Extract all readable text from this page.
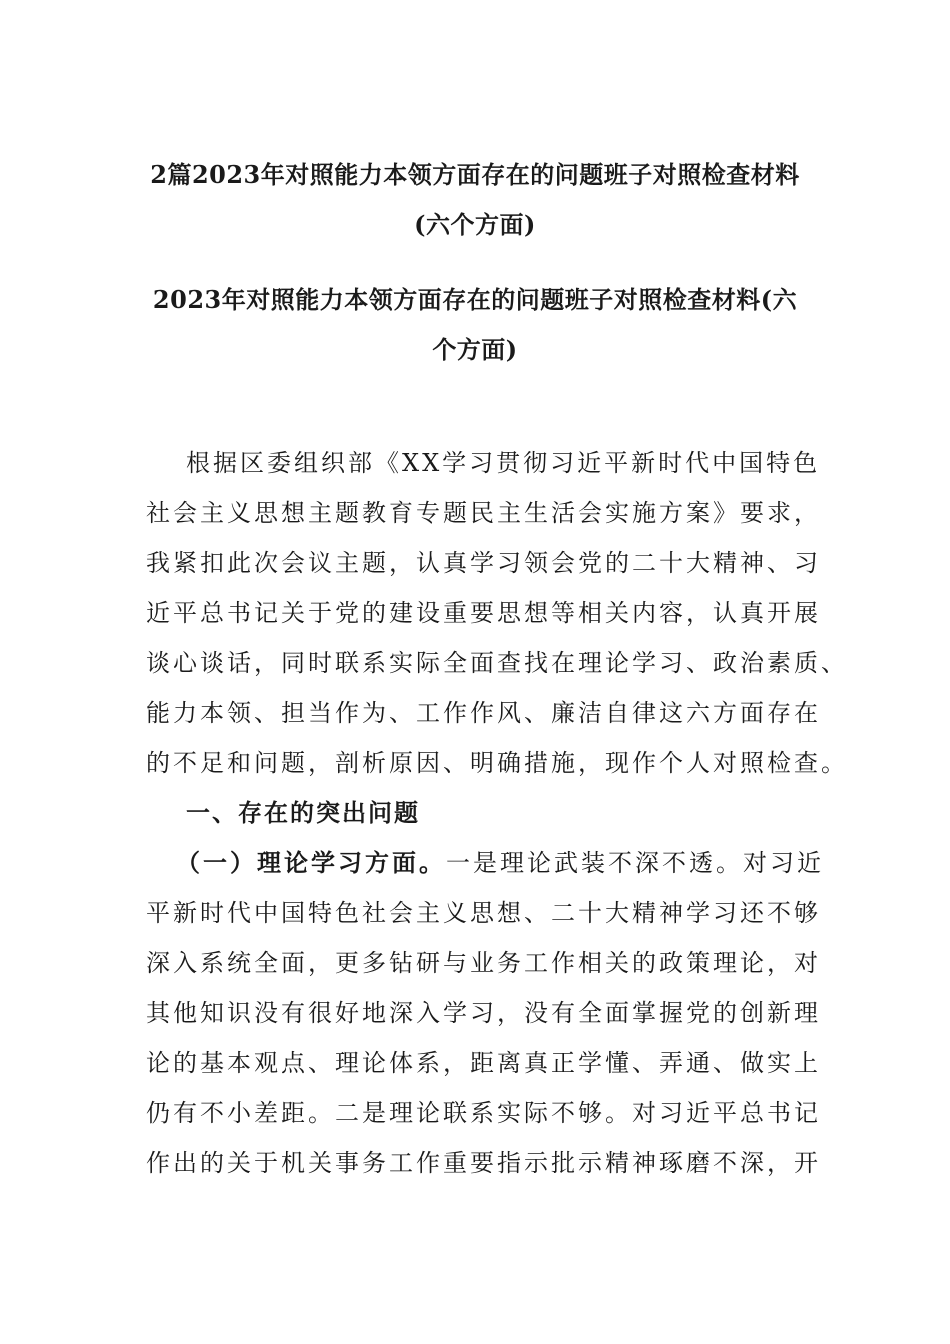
2篇2023年对照能力本领方面存在的问题班子对照检查材料

(六个方面)

2023年对照能力本领方面存在的问题班子对照检查材料(六

个方面)

根据区委组织部《XX学习贯彻习近平新时代中国特色

社会主义思想主题教育专题民主生活会实施方案》要求，

我紧扣此次会议主题，认真学习领会党的二十大精神、习

近平总书记关于党的建设重要思想等相关内容，认真开展

谈心谈话，同时联系实际全面查找在理论学习、政治素质、

能力本领、担当作为、工作作风、廉洁自律这六方面存在

的不足和问题，剖析原因、明确措施，现作个人对照检查。

一、存在的突出问题

（一）理论学习方面。一是理论武装不深不透。对习近

平新时代中国特色社会主义思想、二十大精神学习还不够

深入系统全面，更多钻研与业务工作相关的政策理论，对

其他知识没有很好地深入学习，没有全面掌握党的创新理

论的基本观点、理论体系，距离真正学懂、弄通、做实上

仍有不小差距。二是理论联系实际不够。对习近平总书记

作出的关于机关事务工作重要指示批示精神琢磨不深，开
